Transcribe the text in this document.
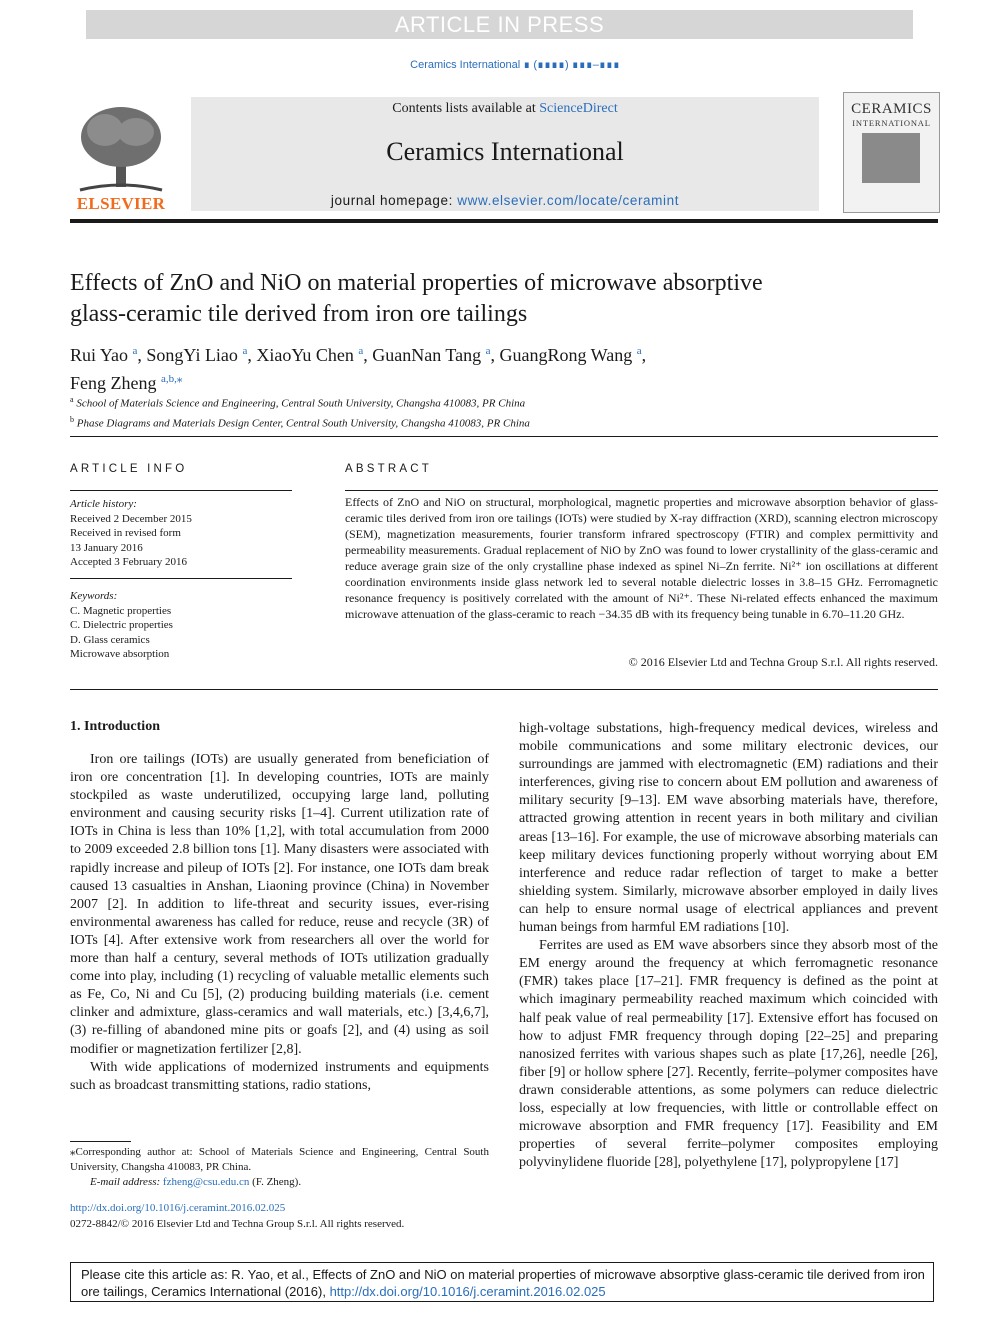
ARTICLE IN PRESS
Ceramics International ∎ (∎∎∎∎) ∎∎∎–∎∎∎
ELSEVIER
Contents lists available at ScienceDirect
Ceramics International
journal homepage: www.elsevier.com/locate/ceramint
CERAMICS
INTERNATIONAL
Effects of ZnO and NiO on material properties of microwave absorptive
glass-ceramic tile derived from iron ore tailings
Rui Yao $^a$, SongYi Liao $^a$, XiaoYu Chen $^a$, GuanNan Tang $^a$, GuangRong Wang $^a$,
Feng Zheng $^{a,b,⁎}$
$^a$ School of Materials Science and Engineering, Central South University, Changsha 410083, PR China
$^b$ Phase Diagrams and Materials Design Center, Central South University, Changsha 410083, PR China
ARTICLE INFO
Article history:
Received 2 December 2015
Received in revised form
13 January 2016
Accepted 3 February 2016
Keywords:
C. Magnetic properties
C. Dielectric properties
D. Glass ceramics
Microwave absorption
ABSTRACT
Effects of ZnO and NiO on structural, morphological, magnetic properties and microwave absorption behavior of glass-ceramic tiles derived from iron ore tailings (IOTs) were studied by X-ray diffraction (XRD), scanning electron microscopy (SEM), magnetization measurements, fourier transform infrared spectroscopy (FTIR) and complex permittivity and permeability measurements. Gradual replacement of NiO by ZnO was found to lower crystallinity of the glass-ceramic and reduce average grain size of the only crystalline phase indexed as spinel Ni–Zn ferrite. Ni²⁺ ion oscillations at different coordination environments inside glass network led to several notable dielectric losses in 3.8–15 GHz. Ferromagnetic resonance frequency is positively correlated with the amount of Ni²⁺. These Ni-related effects enhanced the maximum microwave attenuation of the glass-ceramic to reach −34.35 dB with its frequency being tunable in 6.70–11.20 GHz.
© 2016 Elsevier Ltd and Techna Group S.r.l. All rights reserved.
1. Introduction

Iron ore tailings (IOTs) are usually generated from beneficiation of iron ore concentration [1]. In developing countries, IOTs are mainly stockpiled as waste underutilized, occupying large land, polluting environment and causing security risks [1–4]. Current utilization rate of IOTs in China is less than 10% [1,2], with total accumulation from 2000 to 2009 exceeded 2.8 billion tons [1]. Many disasters were associated with rapidly increase and pileup of IOTs [2]. For instance, one IOTs dam break caused 13 casualties in Anshan, Liaoning province (China) in November 2007 [2]. In addition to life-threat and security issues, ever-rising environmental awareness has called for reduce, reuse and recycle (3R) of IOTs [4]. After extensive work from researchers all over the world for more than half a century, several methods of IOTs utilization gradually come into play, including (1) recycling of valuable metallic elements such as Fe, Co, Ni and Cu [5], (2) producing building materials (i.e. cement clinker and admixture, glass-ceramics and wall materials, etc.) [3,4,6,7], (3) re-filling of abandoned mine pits or goafs [2], and (4) using as soil modifier or magnetization fertilizer [2,8].

With wide applications of modernized instruments and equipments such as broadcast transmitting stations, radio stations,

high-voltage substations, high-frequency medical devices, wireless and mobile communications and some military electronic devices, our surroundings are jammed with electromagnetic (EM) radiations and their interferences, giving rise to concern about EM pollution and awareness of military security [9–13]. EM wave absorbing materials have, therefore, attracted growing attention in recent years in both military and civilian areas [13–16]. For example, the use of microwave absorbing materials can keep military devices functioning properly without worrying about EM interference and reduce radar reflection of target to make a better shielding system. Similarly, microwave absorber employed in daily lives can help to ensure normal usage of electrical appliances and prevent human beings from harmful EM radiations [10].

Ferrites are used as EM wave absorbers since they absorb most of the EM energy around the frequency at which ferromagnetic resonance (FMR) takes place [17–21]. FMR frequency is defined as the point at which imaginary permeability reached maximum which coincided with half peak value of real permeability [17]. Extensive effort has focused on how to adjust FMR frequency through doping [22–25] and preparing nanosized ferrites with various shapes such as plate [17,26], needle [26], fiber [9] or hollow sphere [27]. Recently, ferrite–polymer composites have drawn considerable attentions, as some polymers can reduce dielectric loss, especially at low frequencies, with little or controllable effect on microwave absorption and FMR frequency [17]. Feasibility and EM properties of several ferrite–polymer composites employing polyvinylidene fluoride [28], polyethylene [17], polypropylene [17]

⁎Corresponding author at: School of Materials Science and Engineering, Central South University, Changsha 410083, PR China.
E-mail address: fzheng@csu.edu.cn (F. Zheng).
http://dx.doi.org/10.1016/j.ceramint.2016.02.025
0272-8842/© 2016 Elsevier Ltd and Techna Group S.r.l. All rights reserved.
Please cite this article as: R. Yao, et al., Effects of ZnO and NiO on material properties of microwave absorptive glass-ceramic tile derived from iron ore tailings, Ceramics International (2016), http://dx.doi.org/10.1016/j.ceramint.2016.02.025
